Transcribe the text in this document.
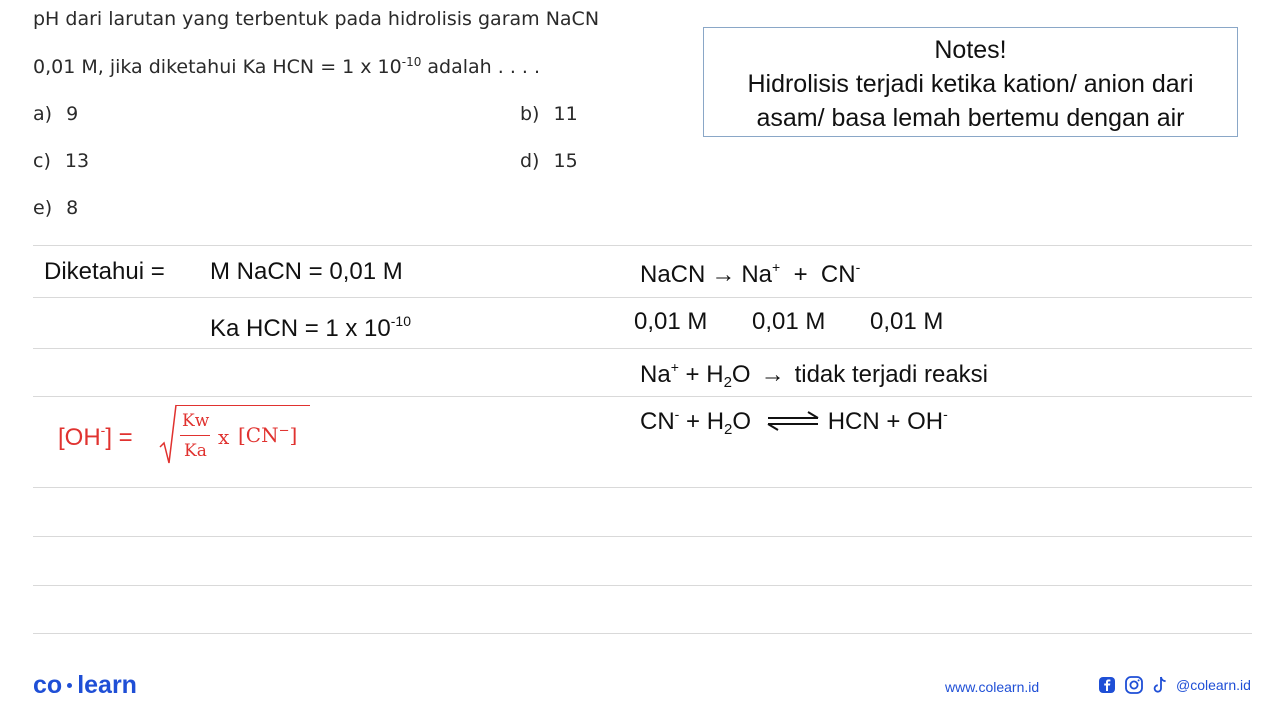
pH dari larutan yang terbentuk pada hidrolisis garam NaCN
0,01 M, jika diketahui Ka HCN = 1 x $10^{-10}$ adalah . . . .
a) 9	b) 11
c) 13	d) 15
e) 8
Notes!
Hidrolisis terjadi ketika kation/ anion dari
asam/ basa lemah bertemu dengan air
Diketahui = M NaCN = 0,01 M
Ka HCN = 1 x $10^{-10}$
NaCN → Na+ + CN-
0,01 M 0,01 M 0,01 M
$Na^+ + H_2O$ → tidak terjadi reaksi
$CN^- + H_2O$ ⇌ HCN + OH-
[OH-] =
Kw
Ka
x [CN−]
co learn	www.colearn.id	@colearn.id
